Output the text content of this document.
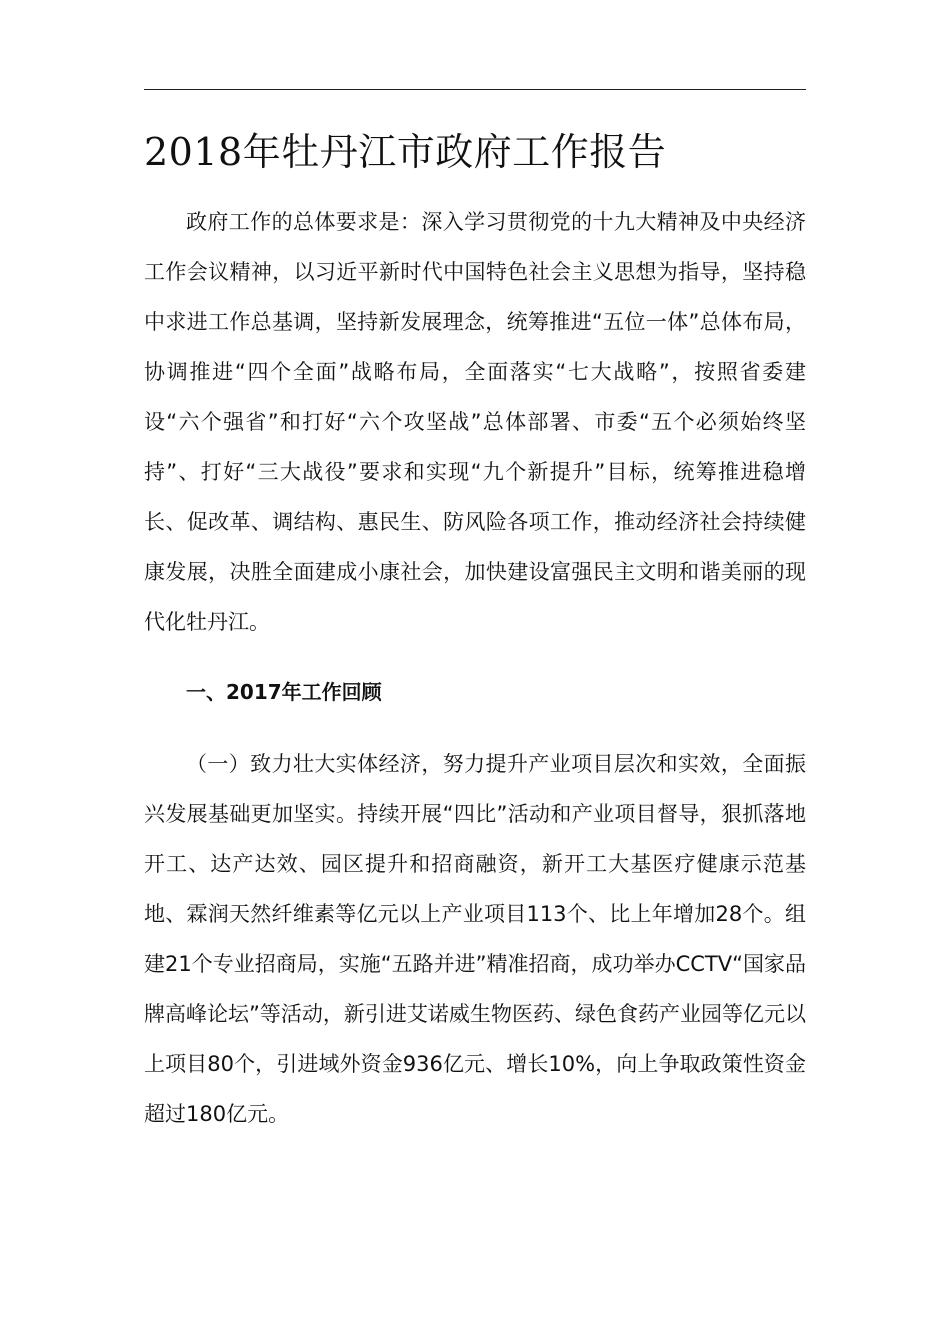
2018年牡丹江市政府工作报告

政府工作的总体要求是：深入学习贯彻党的十九大精神及中央经济工作会议精神，以习近平新时代中国特色社会主义思想为指导，坚持稳中求进工作总基调，坚持新发展理念，统筹推进“五位一体”总体布局，协调推进“四个全面”战略布局，全面落实“七大战略”，按照省委建设“六个强省”和打好“六个攻坚战”总体部署、市委“五个必须始终坚持”、打好“三大战役”要求和实现“九个新提升”目标，统筹推进稳增长、促改革、调结构、惠民生、防风险各项工作，推动经济社会持续健康发展，决胜全面建成小康社会，加快建设富强民主文明和谐美丽的现代化牡丹江。

一、2017年工作回顾

（一）致力壮大实体经济，努力提升产业项目层次和实效，全面振兴发展基础更加坚实。持续开展“四比”活动和产业项目督导，狠抓落地开工、达产达效、园区提升和招商融资，新开工大基医疗健康示范基地、霖润天然纤维素等亿元以上产业项目113个、比上年增加28个。组建21个专业招商局，实施“五路并进”精准招商，成功举办CCTV“国家品牌高峰论坛”等活动，新引进艾诺威生物医药、绿色食药产业园等亿元以上项目80个，引进域外资金936亿元、增长10%，向上争取政策性资金超过180亿元。
